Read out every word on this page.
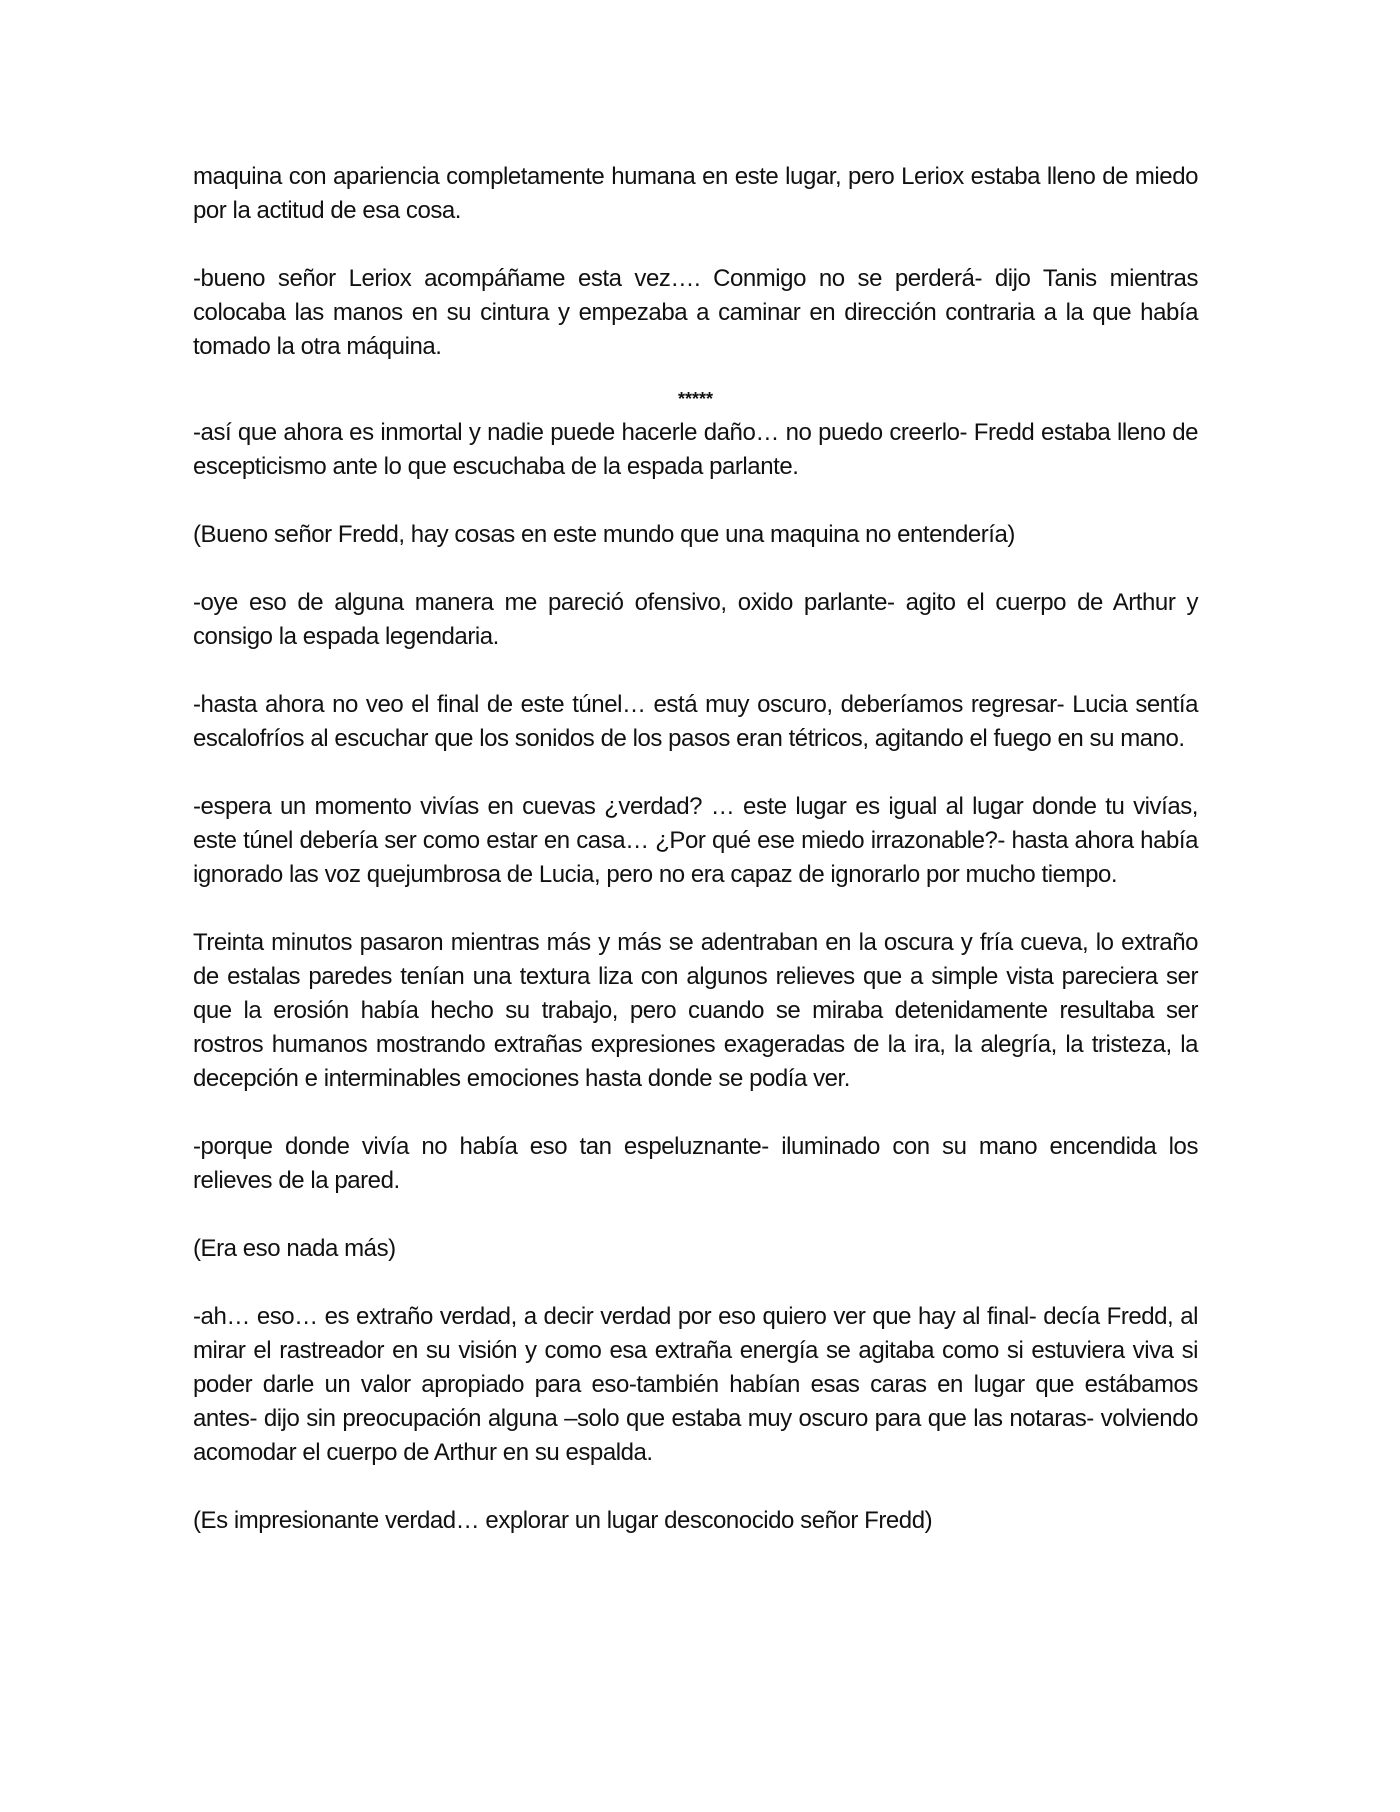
maquina con apariencia completamente humana en este lugar, pero Leriox estaba lleno de miedo por la actitud de esa cosa.

-bueno señor Leriox acompáñame esta vez…. Conmigo no se perderá- dijo Tanis mientras colocaba las manos en su cintura y empezaba a caminar en dirección contraria a la que había tomado la otra máquina.

*****

-así que ahora es inmortal y nadie puede hacerle daño… no puedo creerlo- Fredd estaba lleno de escepticismo ante lo que escuchaba de la espada parlante.

(Bueno señor Fredd, hay cosas en este mundo que una maquina no entendería)

-oye eso de alguna manera me pareció ofensivo, oxido parlante- agito el cuerpo de Arthur y consigo la espada legendaria.

-hasta ahora no veo el final de este túnel… está muy oscuro, deberíamos regresar- Lucia sentía escalofríos al escuchar que los sonidos de los pasos eran tétricos, agitando el fuego en su mano.

-espera un momento vivías en cuevas ¿verdad? … este lugar es igual al lugar donde tu vivías, este túnel debería ser como estar en casa… ¿Por qué ese miedo irrazonable?- hasta ahora había ignorado las voz quejumbrosa de Lucia, pero no era capaz de ignorarlo por mucho tiempo.

Treinta minutos pasaron mientras más y más se adentraban en la oscura y fría cueva, lo extraño de estalas paredes tenían una textura liza con algunos relieves que a simple vista pareciera ser que la erosión había hecho su trabajo, pero cuando se miraba detenidamente resultaba ser rostros humanos mostrando extrañas expresiones exageradas de la ira, la alegría, la tristeza, la decepción e interminables emociones hasta donde se podía ver.

-porque donde vivía no había eso tan espeluznante- iluminado con su mano encendida los relieves de la pared.

(Era eso nada más)

-ah… eso… es extraño verdad, a decir verdad por eso quiero ver que hay al final- decía Fredd, al mirar el rastreador en su visión y como esa extraña energía se agitaba como si estuviera viva si poder darle un valor apropiado para eso-también habían esas caras en lugar que estábamos antes- dijo sin preocupación alguna –solo que estaba muy oscuro para que las notaras- volviendo acomodar el cuerpo de Arthur en su espalda.

(Es impresionante verdad… explorar un lugar desconocido señor Fredd)
